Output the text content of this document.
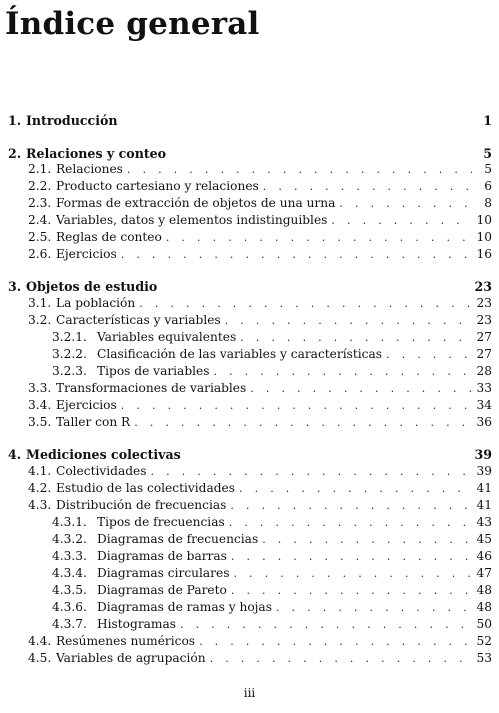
Índice general
1. Introducción	1
2. Relaciones y conteo	5
2.1. Relaciones . . .	5
2.2. Producto cartesiano y relaciones . . .	6
2.3. Formas de extracción de objetos de una urna . . .	8
2.4. Variables, datos y elementos indistinguibles . . .	10
2.5. Reglas de conteo . . .	10
2.6. Ejercicios . . .	16
3. Objetos de estudio	23
3.1. La población . . .	23
3.2. Características y variables . . .	23
3.2.1. Variables equivalentes . . .	27
3.2.2. Clasificación de las variables y características . . .	27
3.2.3. Tipos de variables . . .	28
3.3. Transformaciones de variables . . .	33
3.4. Ejercicios . . .	34
3.5. Taller con R . . .	36
4. Mediciones colectivas	39
4.1. Colectividades . . .	39
4.2. Estudio de las colectividades . . .	41
4.3. Distribución de frecuencias . . .	41
4.3.1. Tipos de frecuencias . . .	43
4.3.2. Diagramas de frecuencias . . .	45
4.3.3. Diagramas de barras . . .	46
4.3.4. Diagramas circulares . . .	47
4.3.5. Diagramas de Pareto . . .	48
4.3.6. Diagramas de ramas y hojas . . .	48
4.3.7. Histogramas . . .	50
4.4. Resúmenes numéricos . . .	52
4.5. Variables de agrupación . . .	53
iii
